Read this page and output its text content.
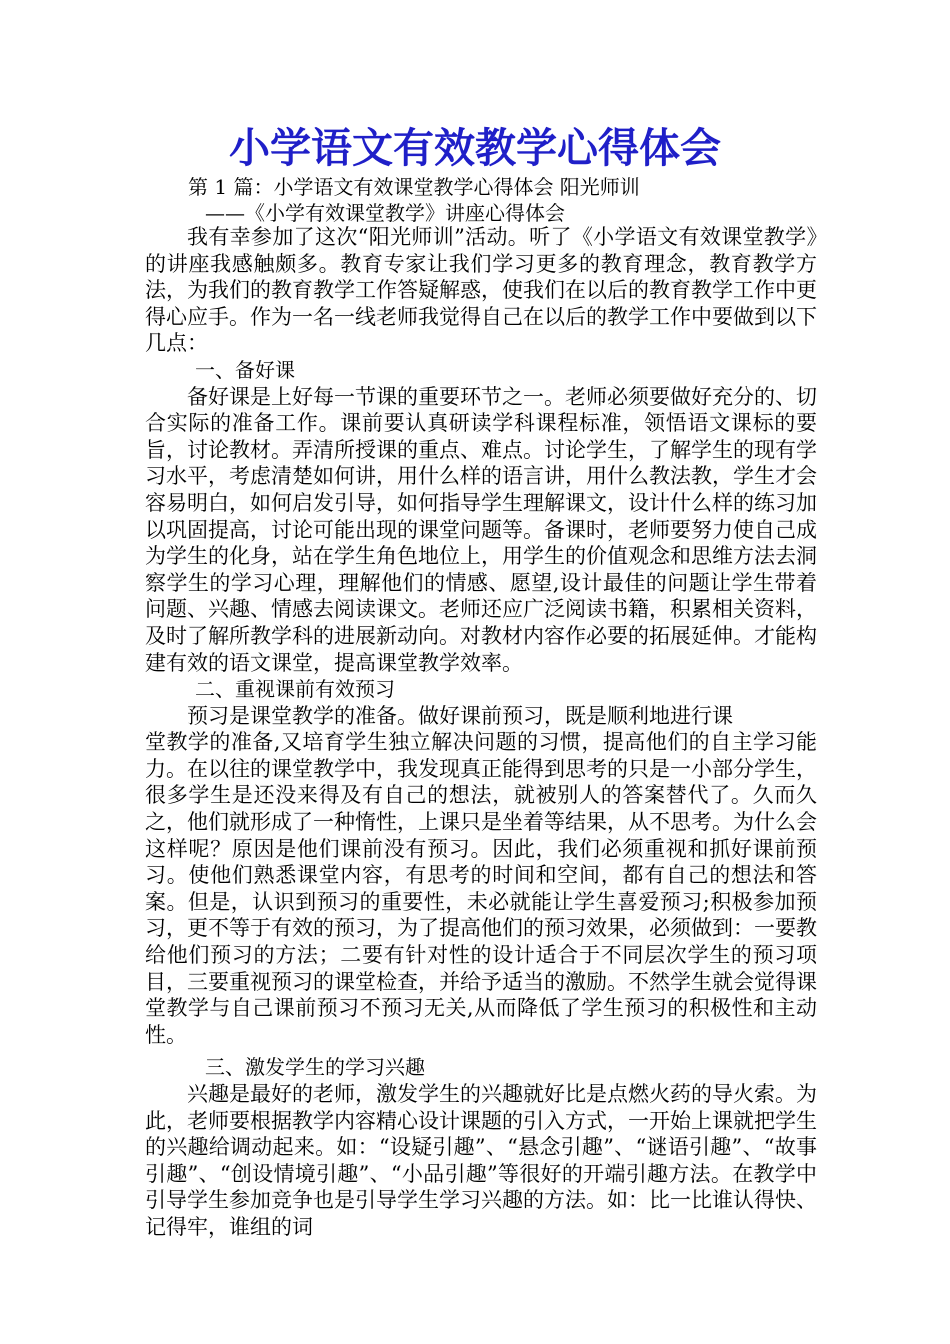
小学语文有效教学心得体会
第 1 篇：小学语文有效课堂教学心得体会 阳光师训
——《小学有效课堂教学》讲座心得体会

我有幸参加了这次“阳光师训”活动。听了《小学语文有效课堂教学》的讲座我感触颇多。教育专家让我们学习更多的教育理念，教育教学方法，为我们的教育教学工作答疑解惑，使我们在以后的教育教学工作中更得心应手。作为一名一线老师我觉得自己在以后的教学工作中要做到以下几点：

一、备好课

备好课是上好每一节课的重要环节之一。老师必须要做好充分的、切合实际的准备工作。课前要认真研读学科课程标准，领悟语文课标的要旨，讨论教材。弄清所授课的重点、难点。讨论学生，了解学生的现有学习水平，考虑清楚如何讲，用什么样的语言讲，用什么教法教，学生才会容易明白，如何启发引导，如何指导学生理解课文，设计什么样的练习加以巩固提高，讨论可能出现的课堂问题等。备课时，老师要努力使自己成为学生的化身，站在学生角色地位上，用学生的价值观念和思维方法去洞察学生的学习心理，理解他们的情感、愿望,设计最佳的问题让学生带着问题、兴趣、情感去阅读课文。老师还应广泛阅读书籍，积累相关资料，及时了解所教学科的进展新动向。对教材内容作必要的拓展延伸。才能构建有效的语文课堂，提高课堂教学效率。

二、重视课前有效预习

预习是课堂教学的准备。做好课前预习，既是顺利地进行课

堂教学的准备,又培育学生独立解决问题的习惯，提高他们的自主学习能力。在以往的课堂教学中，我发现真正能得到思考的只是一小部分学生，很多学生是还没来得及有自己的想法，就被别人的答案替代了。久而久之，他们就形成了一种惰性，上课只是坐着等结果，从不思考。为什么会这样呢？原因是他们课前没有预习。因此，我们必须重视和抓好课前预习。使他们熟悉课堂内容，有思考的时间和空间，都有自己的想法和答案。但是，认识到预习的重要性，未必就能让学生喜爱预习;积极参加预习，更不等于有效的预习，为了提高他们的预习效果，必须做到：一要教给他们预习的方法；二要有针对性的设计适合于不同层次学生的预习项目，三要重视预习的课堂检查，并给予适当的激励。不然学生就会觉得课堂教学与自己课前预习不预习无关,从而降低了学生预习的积极性和主动性。

三、激发学生的学习兴趣

兴趣是最好的老师，激发学生的兴趣就好比是点燃火药的导火索。为此，老师要根据教学内容精心设计课题的引入方式，一开始上课就把学生的兴趣给调动起来。如：“设疑引趣”、“悬念引趣”、“谜语引趣”、“故事引趣”、“创设情境引趣”、“小品引趣”等很好的开端引趣方法。在教学中引导学生参加竞争也是引导学生学习兴趣的方法。如：比一比谁认得快、记得牢，谁组的词
